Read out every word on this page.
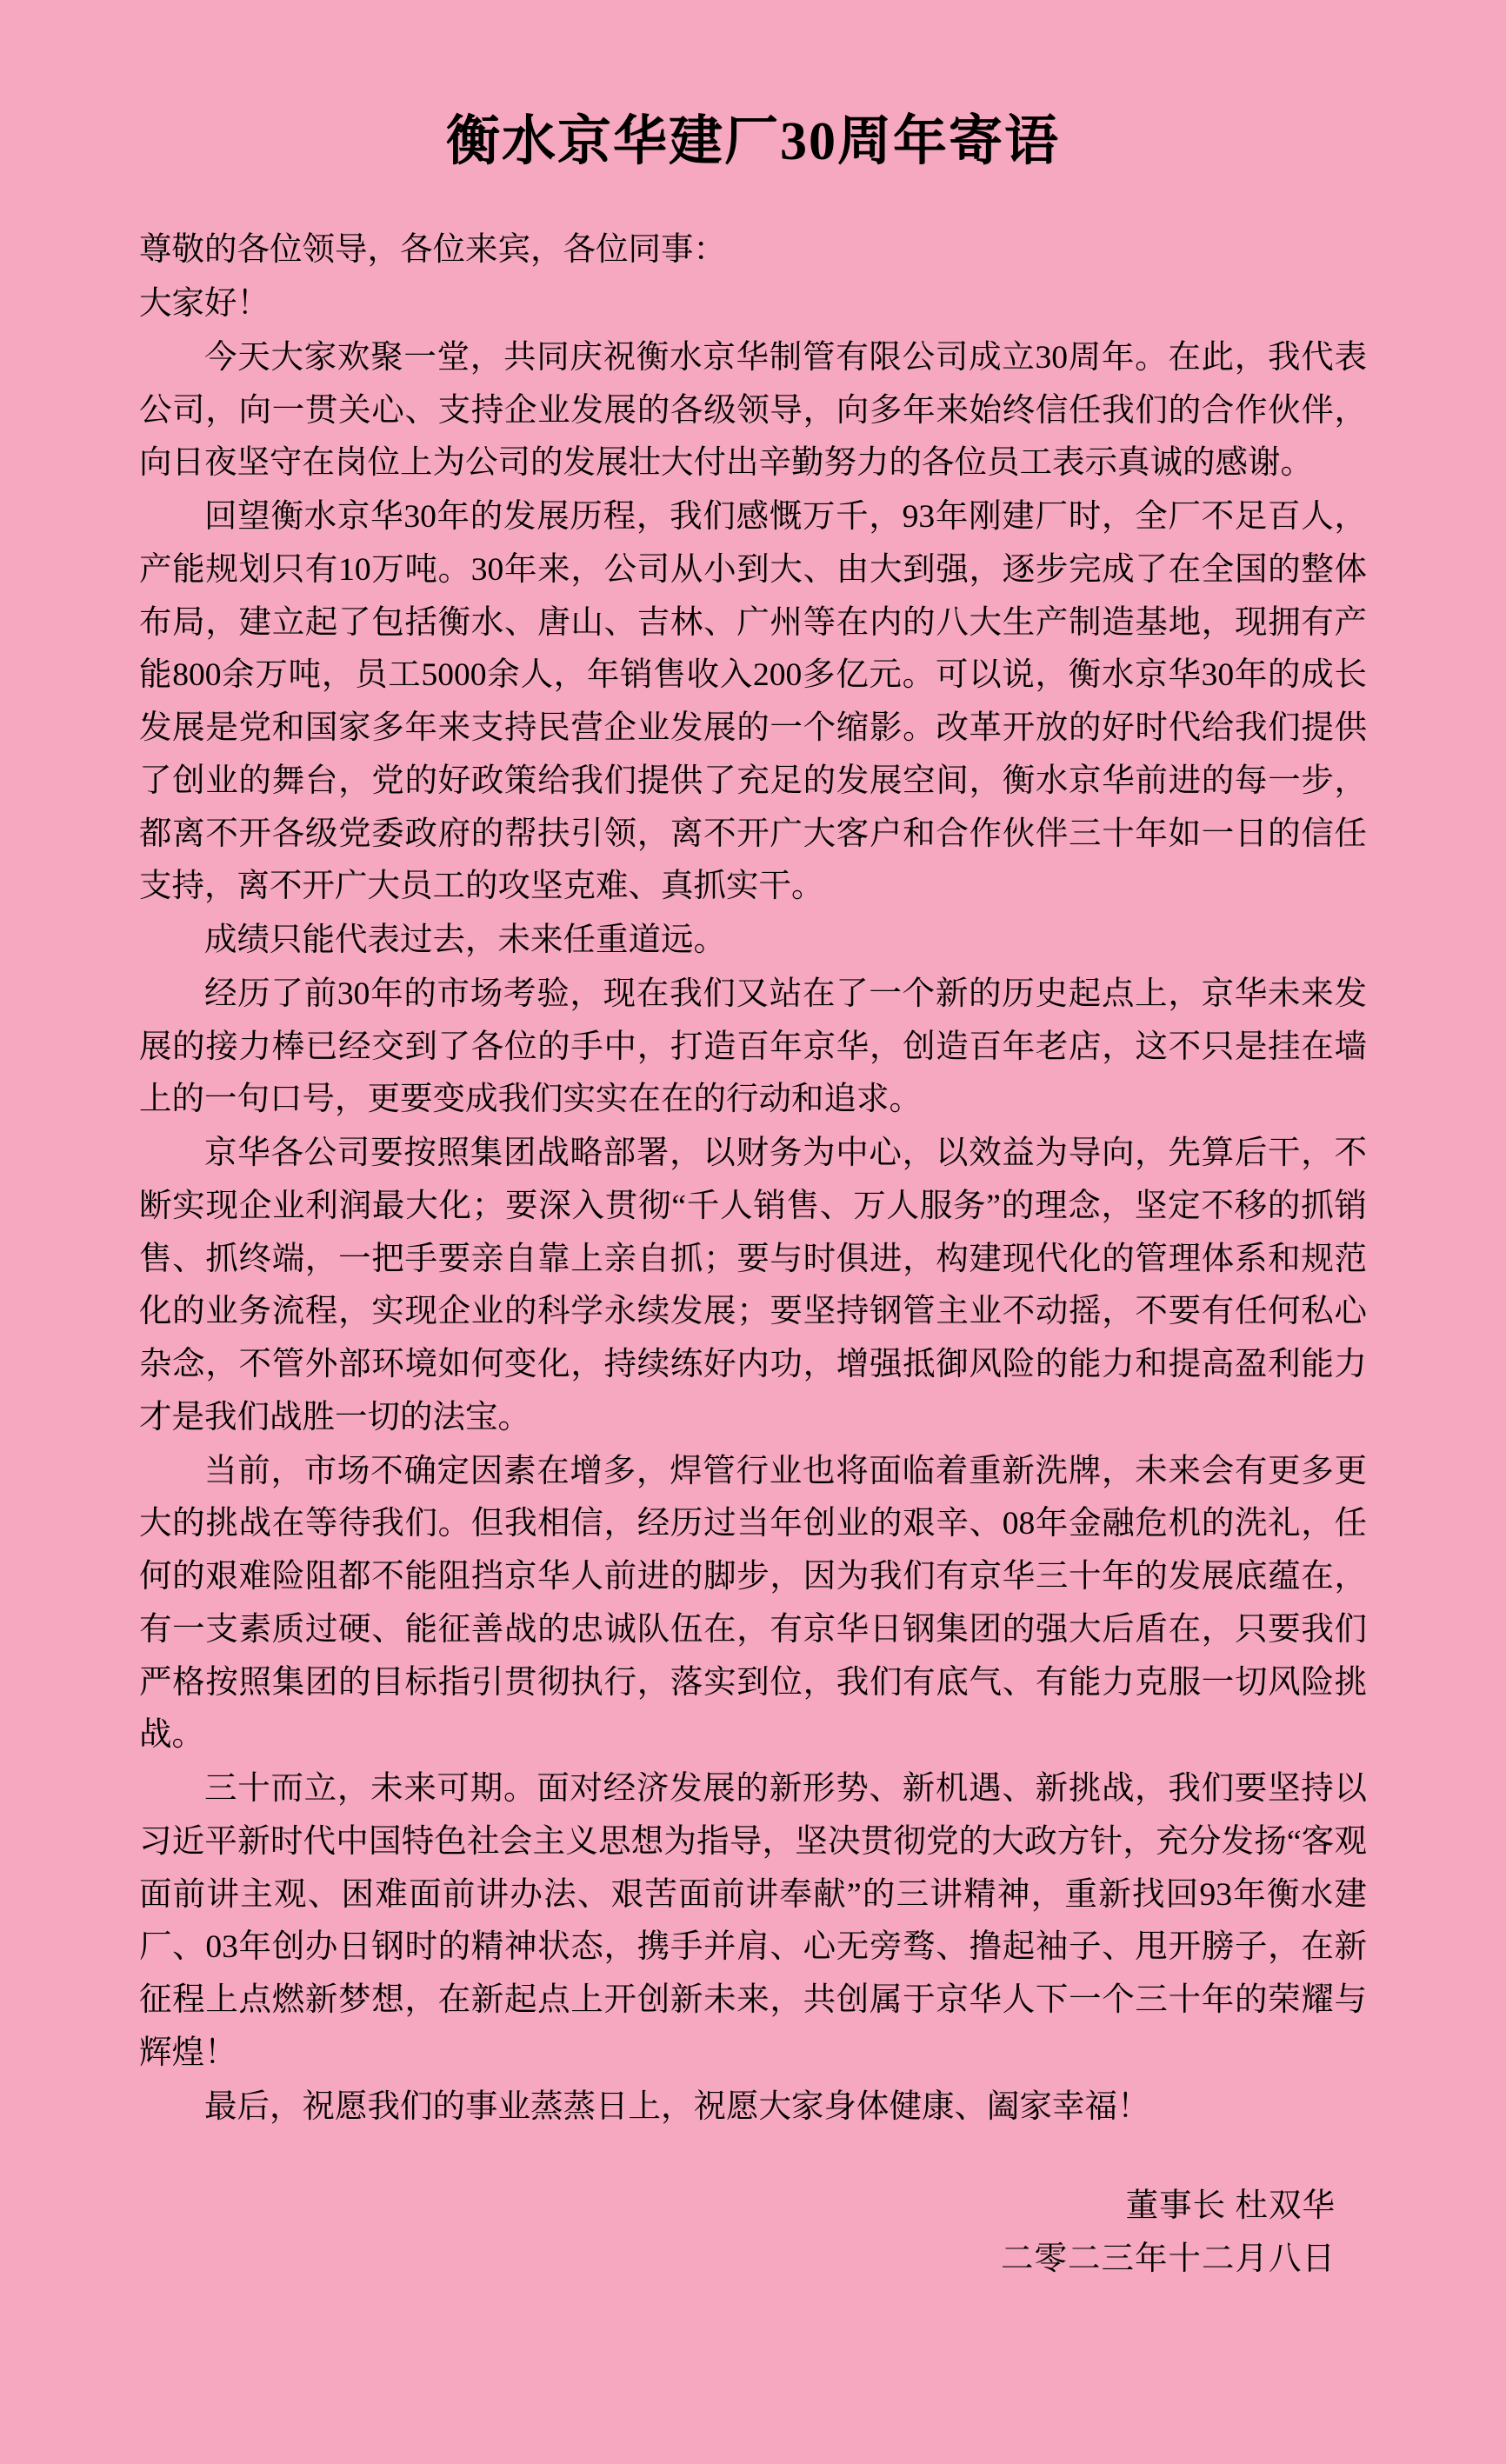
衡水京华建厂30周年寄语

尊敬的各位领导，各位来宾，各位同事：

大家好！

今天大家欢聚一堂，共同庆祝衡水京华制管有限公司成立30周年。在此，我代表公司，向一贯关心、支持企业发展的各级领导，向多年来始终信任我们的合作伙伴，向日夜坚守在岗位上为公司的发展壮大付出辛勤努力的各位员工表示真诚的感谢。

回望衡水京华30年的发展历程，我们感慨万千，93年刚建厂时，全厂不足百人，产能规划只有10万吨。30年来，公司从小到大、由大到强，逐步完成了在全国的整体布局，建立起了包括衡水、唐山、吉林、广州等在内的八大生产制造基地，现拥有产能800余万吨，员工5000余人，年销售收入200多亿元。可以说，衡水京华30年的成长发展是党和国家多年来支持民营企业发展的一个缩影。改革开放的好时代给我们提供了创业的舞台，党的好政策给我们提供了充足的发展空间，衡水京华前进的每一步，都离不开各级党委政府的帮扶引领，离不开广大客户和合作伙伴三十年如一日的信任支持，离不开广大员工的攻坚克难、真抓实干。

成绩只能代表过去，未来任重道远。

经历了前30年的市场考验，现在我们又站在了一个新的历史起点上，京华未来发展的接力棒已经交到了各位的手中，打造百年京华，创造百年老店，这不只是挂在墙上的一句口号，更要变成我们实实在在的行动和追求。

京华各公司要按照集团战略部署，以财务为中心，以效益为导向，先算后干，不断实现企业利润最大化；要深入贯彻“千人销售、万人服务”的理念，坚定不移的抓销售、抓终端，一把手要亲自靠上亲自抓；要与时俱进，构建现代化的管理体系和规范化的业务流程，实现企业的科学永续发展；要坚持钢管主业不动摇，不要有任何私心杂念，不管外部环境如何变化，持续练好内功，增强抵御风险的能力和提高盈利能力才是我们战胜一切的法宝。

当前，市场不确定因素在增多，焊管行业也将面临着重新洗牌，未来会有更多更大的挑战在等待我们。但我相信，经历过当年创业的艰辛、08年金融危机的洗礼，任何的艰难险阻都不能阻挡京华人前进的脚步，因为我们有京华三十年的发展底蕴在，有一支素质过硬、能征善战的忠诚队伍在，有京华日钢集团的强大后盾在，只要我们严格按照集团的目标指引贯彻执行，落实到位，我们有底气、有能力克服一切风险挑战。

三十而立，未来可期。面对经济发展的新形势、新机遇、新挑战，我们要坚持以习近平新时代中国特色社会主义思想为指导，坚决贯彻党的大政方针，充分发扬“客观面前讲主观、困难面前讲办法、艰苦面前讲奉献”的三讲精神，重新找回93年衡水建厂、03年创办日钢时的精神状态，携手并肩、心无旁骛、撸起袖子、甩开膀子，在新征程上点燃新梦想，在新起点上开创新未来，共创属于京华人下一个三十年的荣耀与辉煌！

最后，祝愿我们的事业蒸蒸日上，祝愿大家身体健康、阖家幸福！

董事长 杜双华
二零二三年十二月八日
